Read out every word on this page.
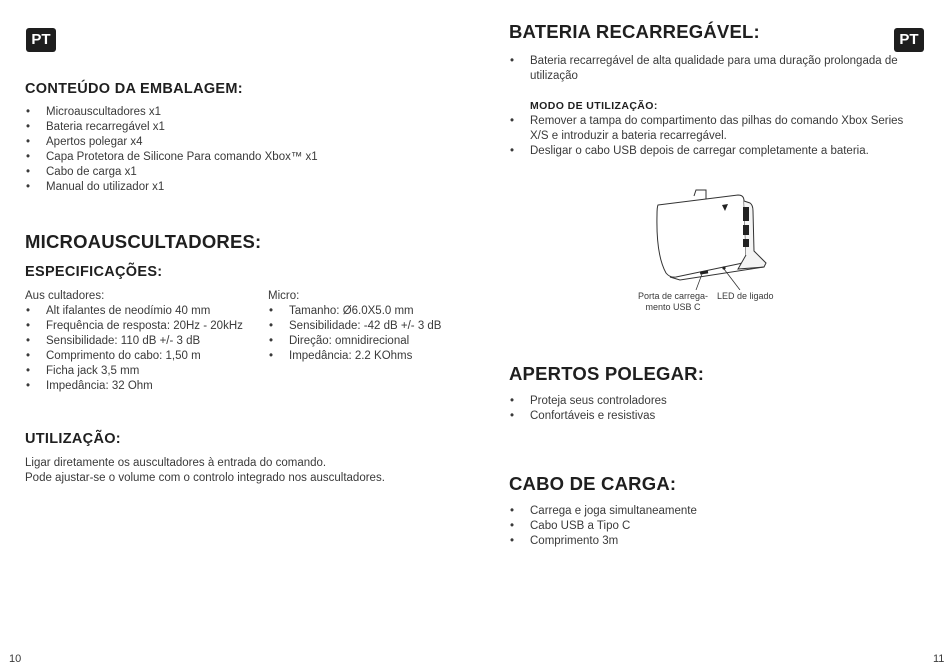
PT
CONTEÚDO DA EMBALAGEM:
• Microauscultadores x1
• Bateria recarregável x1
• Apertos polegar x4
• Capa Protetora de Silicone Para comando Xbox™ x1
• Cabo de carga x1
• Manual do utilizador x1
MICROAUSCULTADORES:
ESPECIFICAÇÕES:

Aus cultadores:

• Alt ifalantes de neodímio 40 mm
• Frequência de resposta: 20Hz - 20kHz
• Sensibilidade: 110 dB +/- 3 dB
• Comprimento do cabo: 1,50 m
• Ficha jack 3,5 mm
• Impedância: 32 Ohm

Micro:

• Tamanho: Ø6.0X5.0 mm
• Sensibilidade: -42 dB +/- 3 dB
• Direção: omnidirecional
• Impedância: 2.2 KOhms
UTILIZAÇÃO:

Ligar diretamente os auscultadores à entrada do comando.

Pode ajustar-se o volume com o controlo integrado nos auscultadores.

10
PT
BATERIA RECARREGÁVEL:
• Bateria recarregável de alta qualidade para uma duração prolongada de utilização
MODO DE UTILIZAÇÃO:
• Remover a tampa do compartimento das pilhas do comando Xbox Series X/S e introduzir a bateria recarregável.
• Desligar o cabo USB depois de carregar completamente a bateria.
Porta de carrega-
mento USB C
LED de ligado
APERTOS POLEGAR:
• Proteja seus controladores
• Confortáveis e resistivas
CABO DE CARGA:
• Carrega e joga simultaneamente
• Cabo USB a Tipo C
• Comprimento 3m
11
